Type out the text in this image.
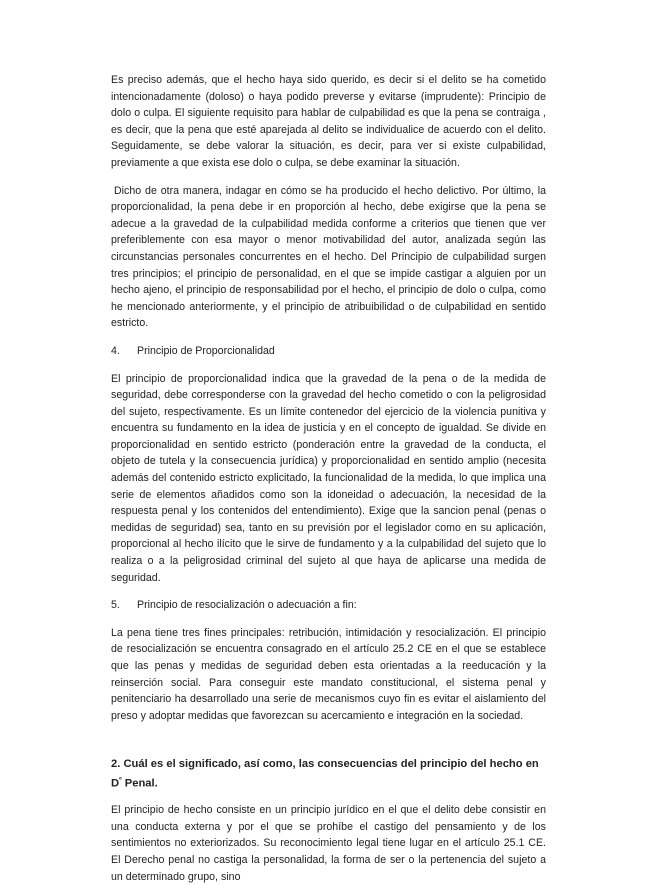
Es preciso además, que el hecho haya sido querido, es decir si el delito se ha cometido intencionadamente (doloso) o haya podido preverse y evitarse (imprudente): Principio de dolo o culpa. El siguiente requisito para hablar de culpabilidad es que la pena se contraiga , es decir, que la pena que esté aparejada al delito se individualice de acuerdo con el delito. Seguidamente, se debe valorar la situación, es decir, para ver si existe culpabilidad, previamente a que exista ese dolo o culpa, se debe examinar la situación.

Dicho de otra manera, indagar en cómo se ha producido el hecho delictivo. Por último, la proporcionalidad, la pena debe ir en proporción al hecho, debe exigirse que la pena se adecue a la gravedad de la culpabilidad medida conforme a criterios que tienen que ver preferiblemente con esa mayor o menor motivabilidad del autor, analizada según las circunstancias personales concurrentes en el hecho. Del Principio de culpabilidad surgen tres principios; el principio de personalidad, en el que se impide castigar a alguien por un hecho ajeno, el principio de responsabilidad por el hecho, el principio de dolo o culpa, como he mencionado anteriormente, y el principio de atribuibilidad o de culpabilidad en sentido estricto.

4. Principio de Proporcionalidad

El principio de proporcionalidad indica que la gravedad de la pena o de la medida de seguridad, debe corresponderse con la gravedad del hecho cometido o con la peligrosidad del sujeto, respectivamente. Es un límite contenedor del ejercicio de la violencia punitiva y encuentra su fundamento en la idea de justicia y en el concepto de igualdad. Se divide en proporcionalidad en sentido estricto (ponderación entre la gravedad de la conducta, el objeto de tutela y la consecuencia jurídica) y proporcionalidad en sentido amplio (necesita además del contenido estricto explicitado, la funcionalidad de la medida, lo que implica una serie de elementos añadidos como son la idoneidad o adecuación, la necesidad de la respuesta penal y los contenidos del entendimiento). Exige que la sancion penal (penas o medidas de seguridad) sea, tanto en su previsión por el legislador como en su aplicación, proporcional al hecho ilícito que le sirve de fundamento y a la culpabilidad del sujeto que lo realiza o a la peligrosidad criminal del sujeto al que haya de aplicarse una medida de seguridad.

5. Principio de resocialización o adecuación a fin:

La pena tiene tres fines principales: retribución, intimidación y resocialización. El principio de resocialización se encuentra consagrado en el artículo 25.2 CE en el que se establece que las penas y medidas de seguridad deben esta orientadas a la reeducación y la reinserción social. Para conseguir este mandato constitucional, el sistema penal y penitenciario ha desarrollado una serie de mecanismos cuyo fin es evitar el aislamiento del preso y adoptar medidas que favorezcan su acercamiento e integración en la sociedad.

2. Cuál es el significado, así como, las consecuencias del principio del hecho en $D^º$ Penal.

El principio de hecho consiste en un principio jurídico en el que el delito debe consistir en una conducta externa y por el que se prohíbe el castigo del pensamiento y de los sentimientos no exteriorizados. Su reconocimiento legal tiene lugar en el artículo 25.1 CE. El Derecho penal no castiga la personalidad, la forma de ser o la pertenencia del sujeto a un determinado grupo, sino
